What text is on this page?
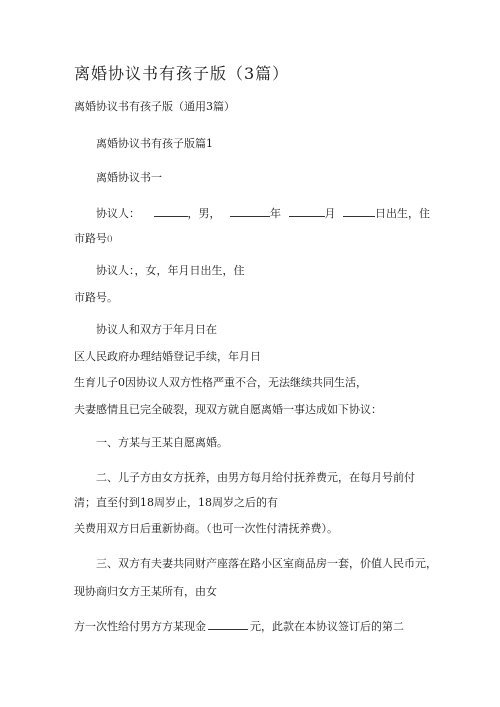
离婚协议书有孩子版（3篇）
离婚协议书有孩子版（通用3篇）
离婚协议书有孩子版篇1
离婚协议书一
协议人：	，男，	年	月	日出生，住
市路号()
协议人：，女，年月日出生，住
市路号。
协议人和双方于年月日在
区人民政府办理结婚登记手续，年月日
生育儿子0因协议人双方性格严重不合，无法继续共同生活，
夫妻感情且已完全破裂，现双方就自愿离婚一事达成如下协议：
一、方某与王某自愿离婚。
二、儿子方由女方抚养，由男方每月给付抚养费元，在每月号前付
清；直至付到18周岁止，18周岁之后的有
关费用双方日后重新协商。（也可一次性付清抚养费）。
三、双方有夫妻共同财产座落在路小区室商品房一套，价值人民币元，
现协商归女方王某所有，由女
方一次性给付男方方某现金	元，此款在本协议签订后的第二
